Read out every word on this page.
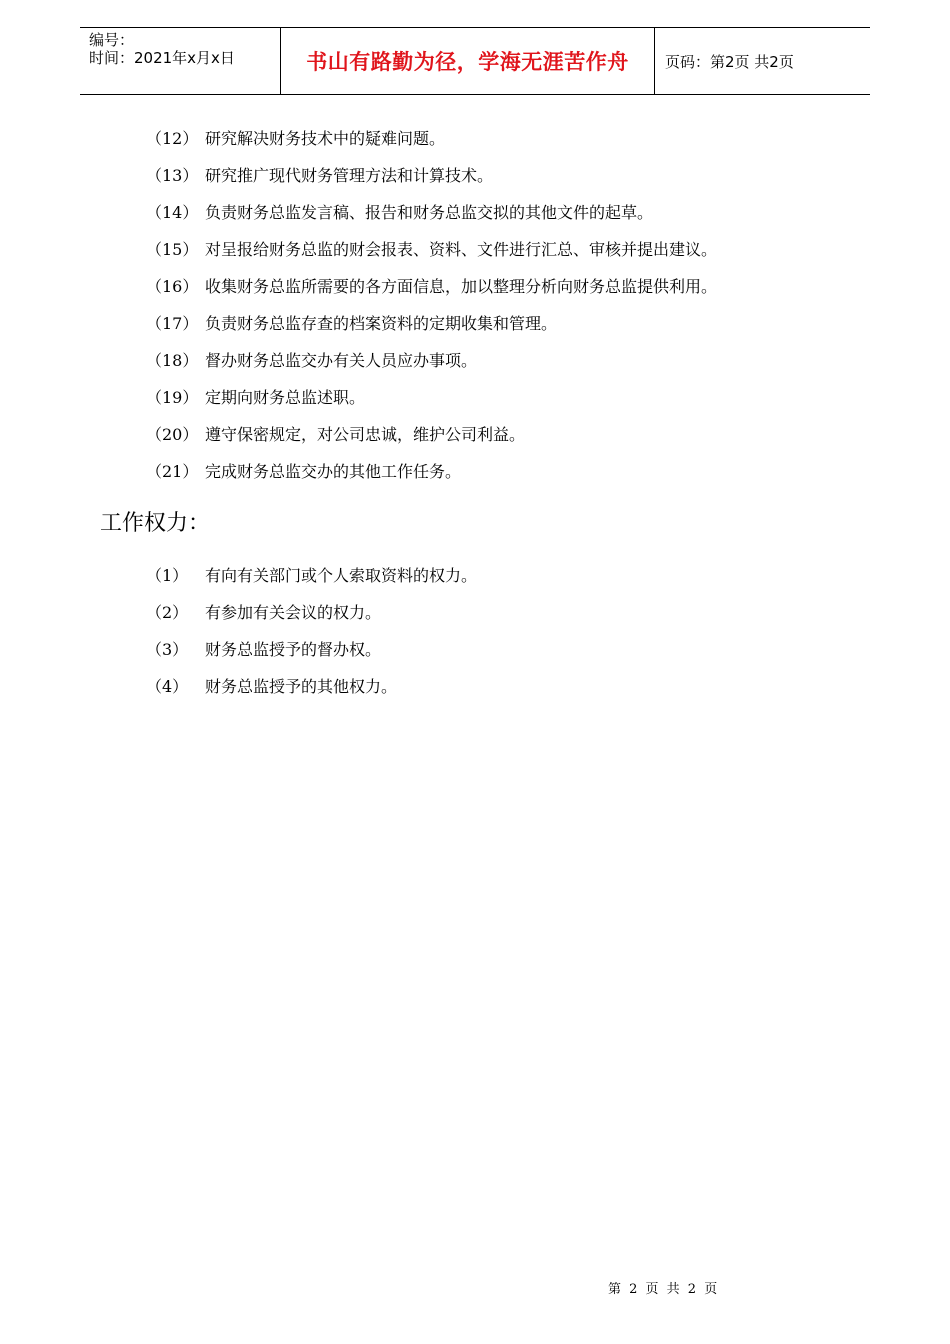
编号：
时间：2021年x月x日	书山有路勤为径，学海无涯苦作舟	页码：第2页 共2页
（12） 研究解决财务技术中的疑难问题。
（13） 研究推广现代财务管理方法和计算技术。
（14） 负责财务总监发言稿、报告和财务总监交拟的其他文件的起草。
（15） 对呈报给财务总监的财会报表、资料、文件进行汇总、审核并提出建议。
（16） 收集财务总监所需要的各方面信息，加以整理分析向财务总监提供利用。
（17） 负责财务总监存查的档案资料的定期收集和管理。
（18） 督办财务总监交办有关人员应办事项。
（19） 定期向财务总监述职。
（20） 遵守保密规定，对公司忠诚，维护公司利益。
（21） 完成财务总监交办的其他工作任务。
工作权力：
（1） 有向有关部门或个人索取资料的权力。
（2） 有参加有关会议的权力。
（3） 财务总监授予的督办权。
（4） 财务总监授予的其他权力。
第 2 页 共 2 页
